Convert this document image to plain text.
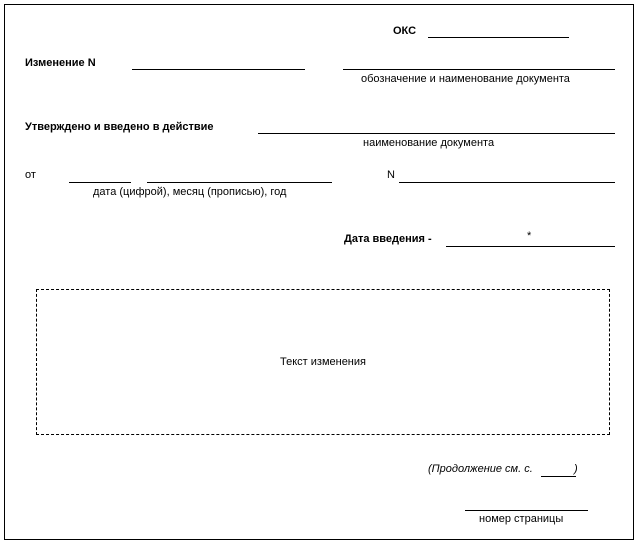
ОКС
Изменение N
обозначение и наименование документа
Утверждено и введено в действие
наименование документа
от
дата (цифрой), месяц (прописью), год
N
Дата введения -	*
Текст изменения
(Продолжение см. с.	)
номер страницы
